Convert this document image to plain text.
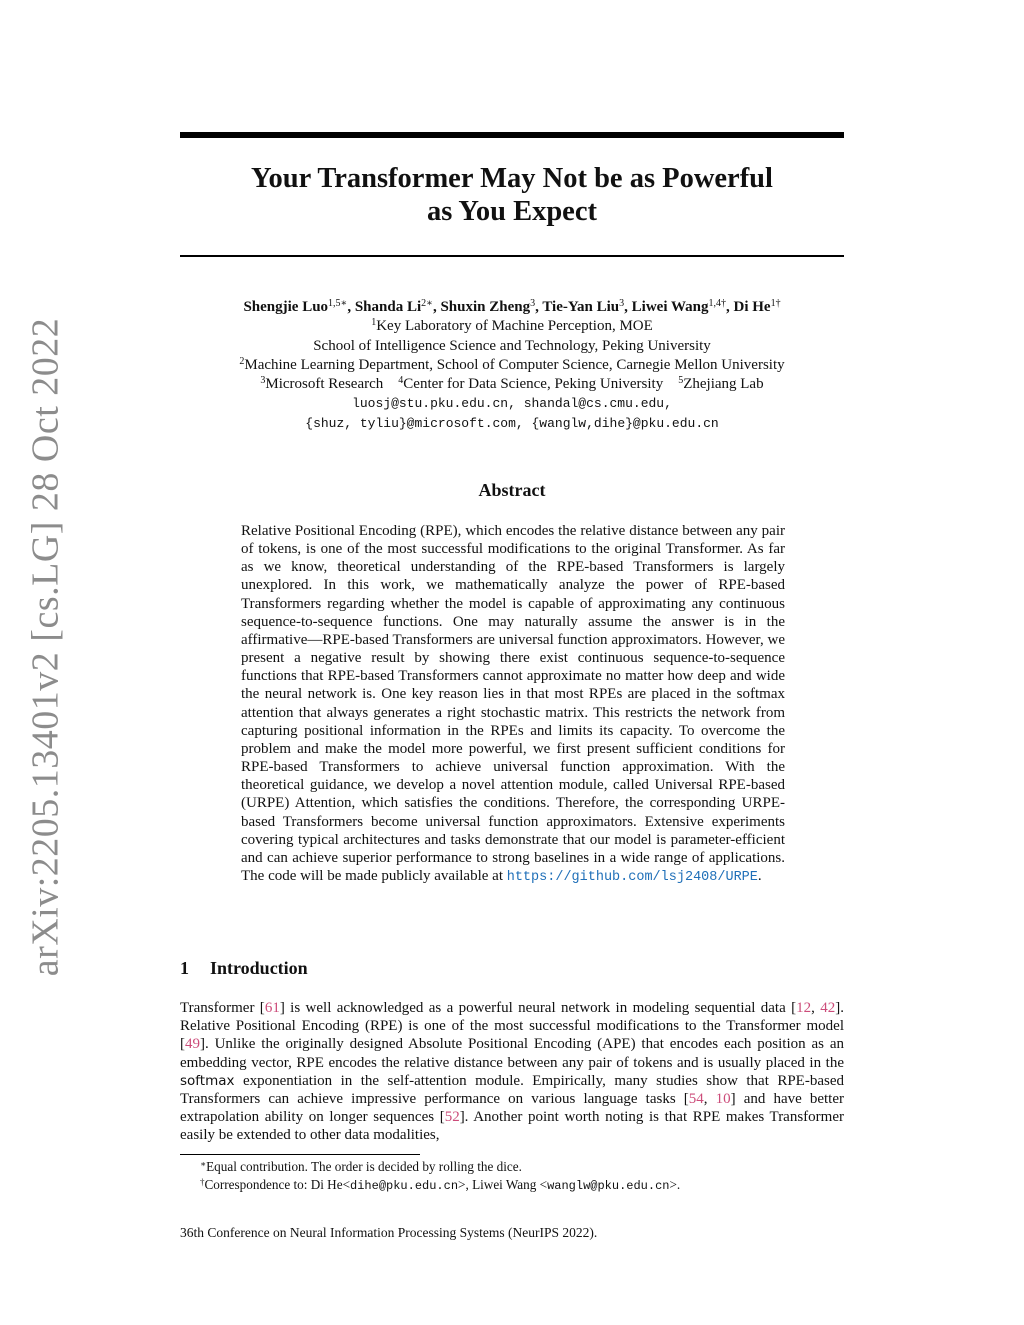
arXiv:2205.13401v2 [cs.LG] 28 Oct 2022
Your Transformer May Not be as Powerful
as You Expect
Shengjie Luo$^{1,5∗}$, Shanda $Li^{2∗}$, Shuxin Zheng$^3$, Tie-Yan Liu$^3$, Liwei Wang$^{1,4\dagger}$, Di $He^{1\dagger}$
$^1$Key Laboratory of Machine Perception, MOE
School of Intelligence Science and Technology, Peking University
$^2$Machine Learning Department, School of Computer Science, Carnegie Mellon University
$^3$Microsoft Research $^4$Center for Data Science, Peking University $^5$Zhejiang Lab
luosj@stu.pku.edu.cn, shandal@cs.cmu.edu,
{shuz, tyliu}@microsoft.com, {wanglw,dihe}@pku.edu.cn
Abstract
Relative Positional Encoding (RPE), which encodes the relative distance between any pair of tokens, is one of the most successful modifications to the original Transformer. As far as we know, theoretical understanding of the RPE-based Transformers is largely unexplored. In this work, we mathematically analyze the power of RPE-based Transformers regarding whether the model is capable of approximating any continuous sequence-to-sequence functions. One may naturally assume the answer is in the affirmative—RPE-based Transformers are universal function approximators. However, we present a negative result by showing there exist continuous sequence-to-sequence functions that RPE-based Transformers cannot approximate no matter how deep and wide the neural network is. One key reason lies in that most RPEs are placed in the softmax attention that always generates a right stochastic matrix. This restricts the network from capturing positional information in the RPEs and limits its capacity. To overcome the problem and make the model more powerful, we first present sufficient conditions for RPE-based Transformers to achieve universal function approximation. With the theoretical guidance, we develop a novel attention module, called Universal RPE-based (URPE) Attention, which satisfies the conditions. Therefore, the corresponding URPE-based Transformers become universal function approximators. Extensive experiments covering typical architectures and tasks demonstrate that our model is parameter-efficient and can achieve superior performance to strong baselines in a wide range of applications. The code will be made publicly available at https://github.com/lsj2408/URPE.
1 Introduction
Transformer [61] is well acknowledged as a powerful neural network in modeling sequential data [12, 42]. Relative Positional Encoding (RPE) is one of the most successful modifications to the Transformer model [49]. Unlike the originally designed Absolute Positional Encoding (APE) that encodes each position as an embedding vector, RPE encodes the relative distance between any pair of tokens and is usually placed in the softmax exponentiation in the self-attention module. Empirically, many studies show that RPE-based Transformers can achieve impressive performance on various language tasks [54, 10] and have better extrapolation ability on longer sequences [52]. Another point worth noting is that RPE makes Transformer easily be extended to other data modalities,
∗Equal contribution. The order is decided by rolling the dice.
†Correspondence to: Di He<dihe@pku.edu.cn>, Liwei Wang <wanglw@pku.edu.cn>.
36th Conference on Neural Information Processing Systems (NeurIPS 2022).
